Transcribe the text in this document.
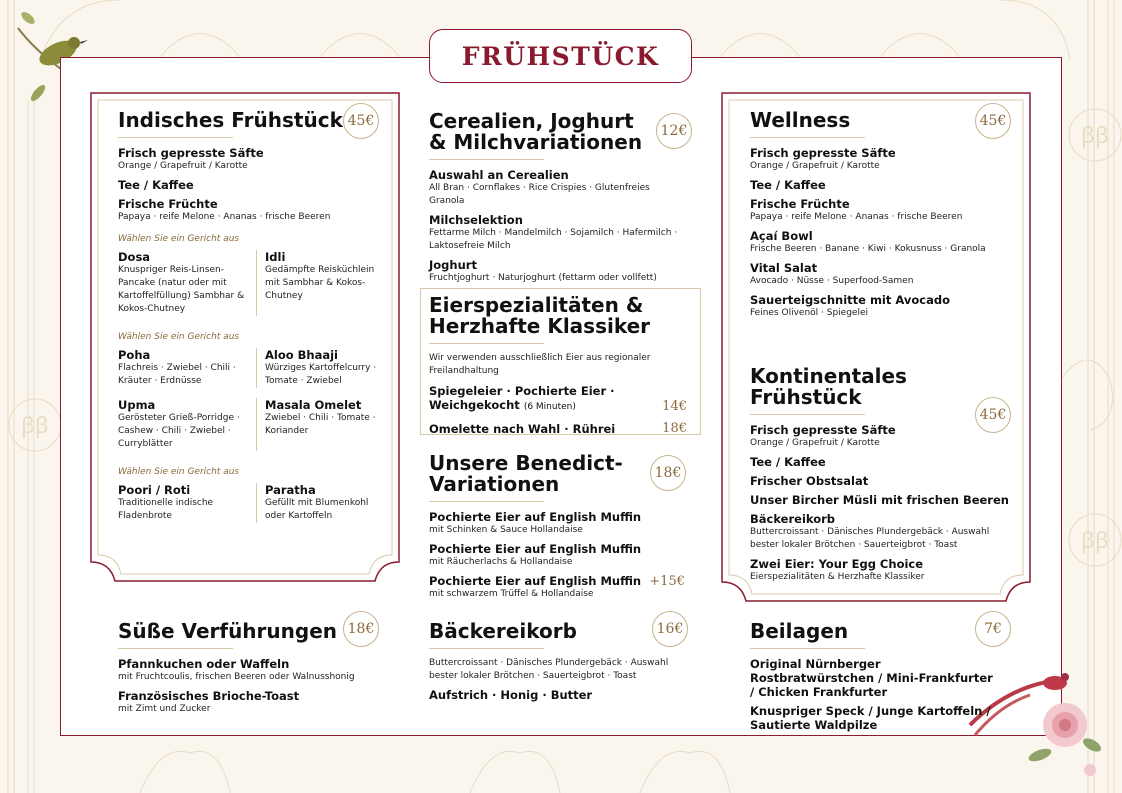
ꞵꞵ
ꞵꞵ
ꞵꞵ
FRÜHSTÜCK
Indisches Frühstück
Frisch gepresste Säfte
Orange / Grapefruit / Karotte
Tee / Kaffee
Frische Früchte
Papaya · reife Melone · Ananas · frische Beeren
Wählen Sie ein Gericht aus
Dosa
Knuspriger Reis-Linsen-Pancake (natur oder mit Kartoffelfüllung) Sambhar & Kokos-Chutney
Idli
Gedämpfte Reisküchlein mit Sambhar & Kokos-Chutney
Wählen Sie ein Gericht aus
Poha
Flachreis · Zwiebel · Chili · Kräuter · Erdnüsse
Aloo Bhaaji
Würziges Kartoffelcurry · Tomate · Zwiebel
Upma
Gerösteter Grieß-Porridge · Cashew · Chili · Zwiebel · Curryblätter
Masala Omelet
Zwiebel · Chili · Tomate · Koriander
Wählen Sie ein Gericht aus
Poori / Roti
Traditionelle indische Fladenbrote
Paratha
Gefüllt mit Blumenkohl oder Kartoffeln
45€	Cerealien, Joghurt & Milchvariationen
Auswahl an Cerealien
All Bran · Cornflakes · Rice Crispies · Glutenfreies Granola
Milchselektion
Fettarme Milch · Mandelmilch · Sojamilch · Hafermilch · Laktosefreie Milch
Joghurt
Fruchtjoghurt · Naturjoghurt (fettarm oder vollfett)
12€
Eierspezialitäten & Herzhafte Klassiker
Wir verwenden ausschließlich Eier aus regionaler Freilandhaltung
Spiegeleier · Pochierte Eier · Weichgekocht (6 Minuten)	14€
Omelette nach Wahl · Rührei	18€
Unsere Benedict-Variationen
Pochierte Eier auf English Muffin
mit Schinken & Sauce Hollandaise
Pochierte Eier auf English Muffin
mit Räucherlachs & Hollandaise
Pochierte Eier auf English Muffin
mit schwarzem Trüffel & Hollandaise
+15€
18€
Wellness
Frisch gepresste Säfte
Orange / Grapefruit / Karotte
Tee / Kaffee
Frische Früchte
Papaya · reife Melone · Ananas · frische Beeren
Açaí Bowl
Frische Beeren · Banane · Kiwi · Kokusnuss · Granola
Vital Salat
Avocado · Nüsse · Superfood-Samen
Sauerteigschnitte mit Avocado
Feines Olivenöl · Spiegelei
45€
Kontinentales Frühstück
Frisch gepresste Säfte
Orange / Grapefruit / Karotte
Tee / Kaffee
Frischer Obstsalat
Unser Bircher Müsli mit frischen Beeren
Bäckereikorb
Buttercroissant · Dänisches Plundergebäck · Auswahl bester lokaler Brötchen · Sauerteigbrot · Toast
Zwei Eier: Your Egg Choice
Eierspezialitäten & Herzhafte Klassiker
45€
Süße Verführungen
Pfannkuchen oder Waffeln
mit Fruchtcoulis, frischen Beeren oder Walnusshonig
Französisches Brioche-Toast
mit Zimt und Zucker
18€	Bäckereikorb
Buttercroissant · Dänisches Plundergebäck · Auswahl bester lokaler Brötchen · Sauerteigbrot · Toast
Aufstrich · Honig · Butter
16€	Beilagen
Original Nürnberger Rostbratwürstchen / Mini-Frankfurter / Chicken Frankfurter
Knuspriger Speck / Junge Kartoffeln / Sautierte Waldpilze
7€
